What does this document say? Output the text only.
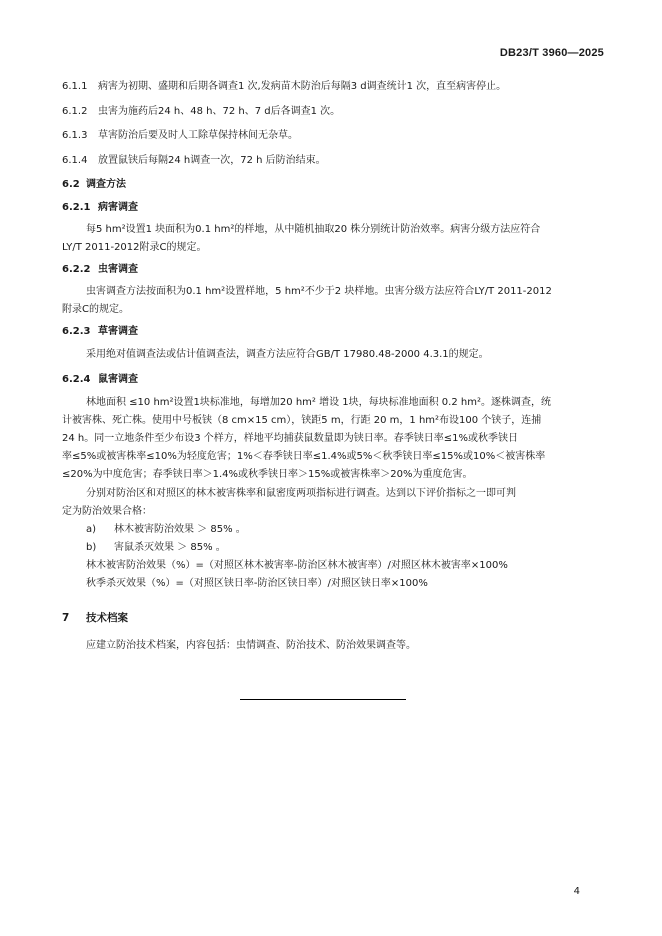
DB23/T 3960—2025
6.1.1 病害为初期、盛期和后期各调查1 次,发病苗木防治后每隔3 d调查统计1 次，直至病害停止。
6.1.2 虫害为施药后24 h、48 h、72 h、7 d后各调查1 次。
6.1.3 草害防治后要及时人工除草保持林间无杂草。
6.1.4 放置鼠铗后每隔24 h调查一次，72 h 后防治结束。
6.2 调查方法
6.2.1 病害调查
每5 hm²设置1 块面积为0.1 hm²的样地，从中随机抽取20 株分别统计防治效率。病害分级方法应符合
LY/T 2011-2012附录C的规定。
6.2.2 虫害调查
虫害调查方法按面积为0.1 hm²设置样地，5 hm²不少于2 块样地。虫害分级方法应符合LY/T 2011-2012
附录C的规定。
6.2.3 草害调查
采用绝对值调查法或估计值调查法，调查方法应符合GB/T 17980.48-2000 4.3.1的规定。
6.2.4 鼠害调查
林地面积 ≤10 hm²设置1块标准地，每增加20 hm² 增设 1块，每块标准地面积 0.2 hm²。逐株调查，统
计被害株、死亡株。使用中号板铗（8 cm×15 cm），铗距5 m，行距 20 m，1 hm²布设100 个铗子，连捕
24 h。同一立地条件至少布设3 个样方，样地平均捕获鼠数量即为铗日率。春季铗日率≤1%或秋季铗日
率≤5%或被害株率≤10%为轻度危害；1%＜春季铗日率≤1.4%或5%＜秋季铗日率≤15%或10%＜被害株率
≤20%为中度危害；春季铗日率＞1.4%或秋季铗日率＞15%或被害株率＞20%为重度危害。
分别对防治区和对照区的林木被害株率和鼠密度两项指标进行调查。达到以下评价指标之一即可判
定为防治效果合格：
a) 林木被害防治效果 ＞ 85% 。
b) 害鼠杀灭效果 ＞ 85% 。
林木被害防治效果（%）=（对照区林木被害率-防治区林木被害率）/对照区林木被害率×100%
秋季杀灭效果（%）=（对照区铗日率-防治区铗日率）/对照区铗日率×100%
7 技术档案
应建立防治技术档案，内容包括：虫情调查、防治技术、防治效果调查等。
4
